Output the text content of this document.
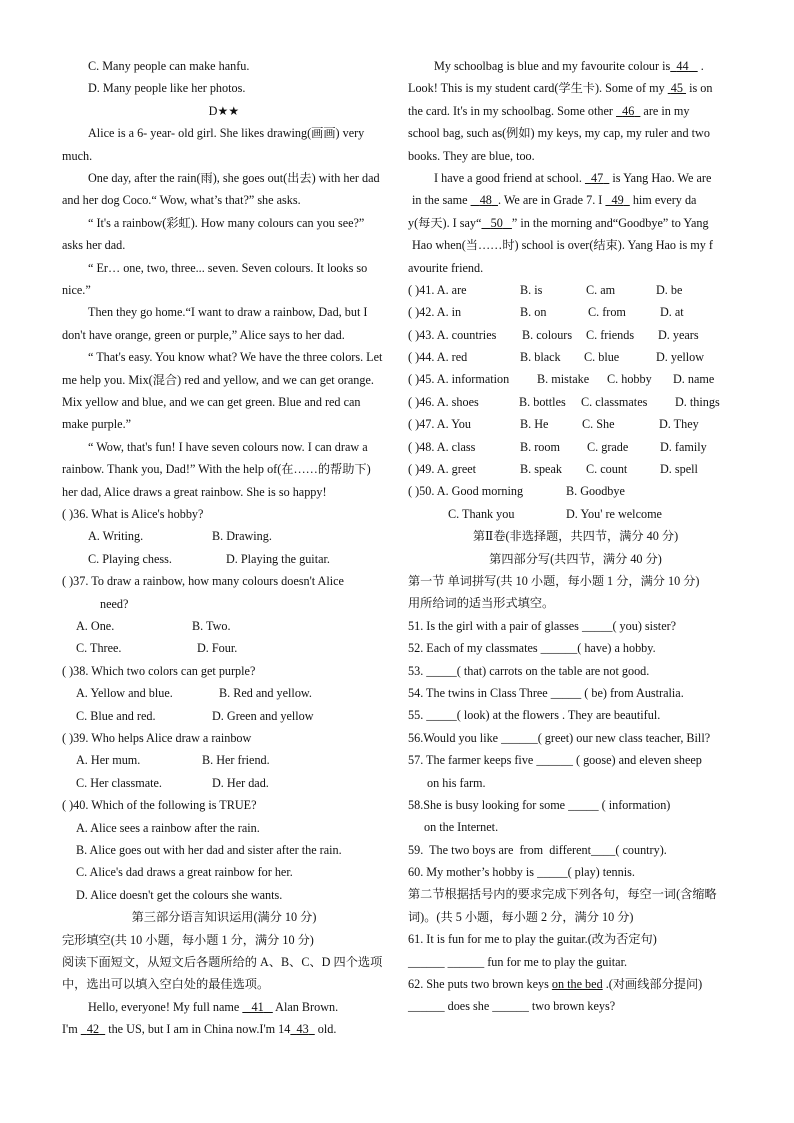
C. Many people can make hanfu.
D. Many people like her photos.
D★★
Alice is a 6- year- old girl. She likes drawing(画画) very much.
One day, after the rain(雨), she goes out(出去) with her dad and her dog Coco.“ Wow, what’s that?” she asks.
“ It's a rainbow(彩虹). How many colours can you see?” asks her dad.
“ Er… one, two, three... seven. Seven colours. It looks so nice.”
Then they go home.“I want to draw a rainbow, Dad, but I don't have orange, green or purple,” Alice says to her dad.
“ That's easy. You know what? We have the three colors. Let me help you. Mix(混合) red and yellow, and we can get orange. Mix yellow and blue, and we can get green. Blue and red can make purple.”
“ Wow, that's fun! I have seven colours now. I can draw a rainbow. Thank you, Dad!” With the help of(在……的帮助下) her dad, Alice draws a great rainbow. She is so happy!
( )36. What is Alice's hobby?
A. Writing.	B. Drawing.
C. Playing chess.	D. Playing the guitar.
( )37. To draw a rainbow, how many colours doesn't Alice
need?
A. One.	B. Two.
C. Three.	D. Four.
( )38. Which two colors can get purple?
A. Yellow and blue.	B. Red and yellow.
C. Blue and red.	D. Green and yellow
( )39. Who helps Alice draw a rainbow
A. Her mum.	B. Her friend.
C. Her classmate.	D. Her dad.
( )40. Which of the following is TRUE?
A. Alice sees a rainbow after the rain.
B. Alice goes out with her dad and sister after the rain.
C. Alice's dad draws a great rainbow for her.
D. Alice doesn't get the colours she wants.
第三部分语言知识运用(满分 10 分)
完形填空(共 10 小题，每小题 1 分，满分 10 分)
阅读下面短文，从短文后各题所给的 A、B、C、D 四个选项中，选出可以填入空白处的最佳选项。
Hello, everyone! My full name    41    Alan Brown.
I'm   42   the US, but I am in China now.I'm 14 43   old.
My schoolbag is blue and my favourite colour is 44    .
Look! This is my student card(学生卡). Some of my  45  is on
the card. It's in my schoolbag. Some other   46   are in my
school bag, such as(例如) my keys, my cap, my ruler and two
books. They are blue, too.
I have a good friend at school.   47   is Yang Hao. We are
in the same    48 . We are in Grade 7. I   49   him every da
y(每天). I say“ 50 ” in the morning and“Goodbye” to Yang
Hao when(当……时) school is over(结束). Yang Hao is my f
avourite friend.
( )41. A. are	B. is	C. am	D. be
( )42. A. in	B. on	C. from	D. at
( )43. A. countries	B. colours	C. friends	D. years
( )44. A. red	B. black	C. blue	D. yellow
( )45. A. information	B. mistake	C. hobby	D. name
( )46. A. shoes	B. bottles	C. classmates	D. things
( )47. A. You	B. He	C. She	D. They
( )48. A. class	B. room	C. grade	D. family
( )49. A. greet	B. speak	C. count	D. spell
( )50. A. Good morning	B. Goodbye
C. Thank you	D. You' re welcome
第Ⅱ卷(非选择题，共四节，满分 40 分)
第四部分写(共四节，满分 40 分)
第一节 单词拼写(共 10 小题，每小题 1 分，满分 10 分)
用所给词的适当形式填空。
51. Is the girl with a pair of glasses _____( you) sister?
52. Each of my classmates ______( have) a hobby.
53. _____( that) carrots on the table are not good.
54. The twins in Class Three _____ ( be) from Australia.
55. _____( look) at the flowers . They are beautiful.
56.Would you like ______( greet) our new class teacher, Bill?
57. The farmer keeps five ______ ( goose) and eleven sheep
on his farm.
58.She is busy looking for some _____ ( information)
on the Internet.
59.  The two boys are  from  different____( country).
60. My mother’s hobby is _____( play) tennis.
第二节根据括号内的要求完成下列各句，每空一词(含缩略
词)。(共 5 小题，每小题 2 分，满分 10 分)
61. It is fun for me to play the guitar.(改为否定句)
______ ______ fun for me to play the guitar.
62. She puts two brown keys on the bed .(对画线部分提问)
______ does she ______ two brown keys?
